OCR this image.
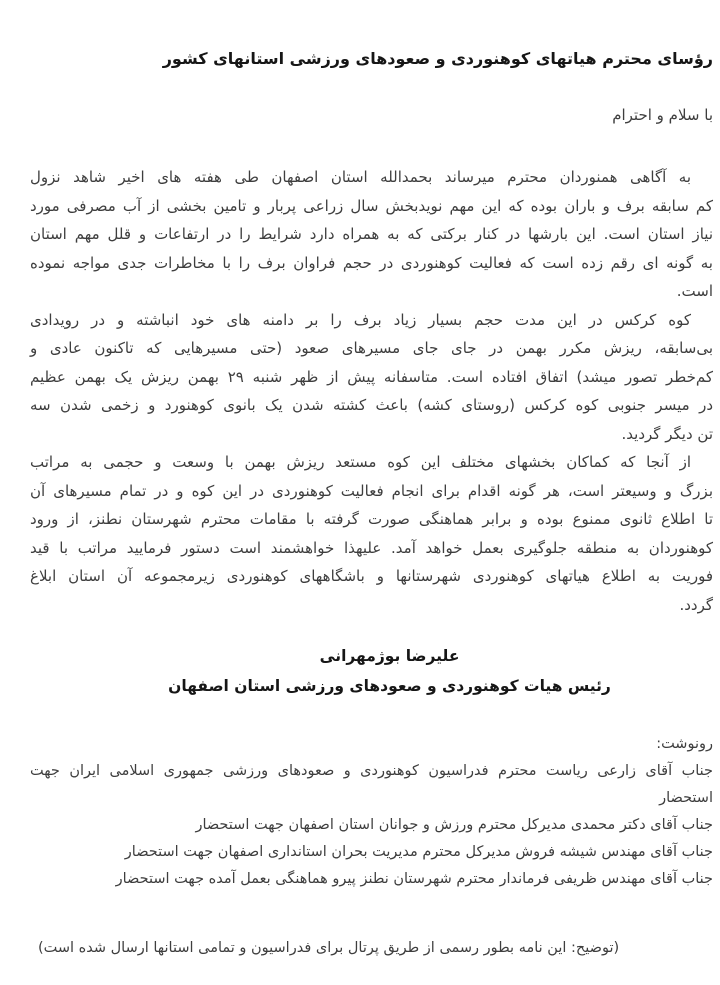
رؤسای محترم هیاتهای کوهنوردی و صعودهای ورزشی استانهای کشور
با سلام و احترام
به آگاهی همنوردان محترم میرساند بحمدالله استان اصفهان طی هفته های اخیر شاهد نزول
کم سابقه برف و باران بوده که این مهم نویدبخش سال زراعی پربار و تامین بخشی از آب مصرفی مورد
نیاز استان است. این بارشها در کنار برکتی که به همراه دارد شرایط را در ارتفاعات و قلل مهم استان
به گونه ای رقم زده است که فعالیت کوهنوردی در حجم فراوان برف را با مخاطرات جدی مواجه نموده
است.
کوه کرکس در این مدت حجم بسیار زیاد برف را بر دامنه های خود انباشته و در رویدادی
بی‌سابقه، ریزش مکرر بهمن در جای جای مسیرهای صعود (حتی مسیرهایی که تاکنون عادی و
کم‌خطر تصور میشد) اتفاق افتاده است. متاسفانه پیش از ظهر شنبه ۲۹ بهمن ریزش یک بهمن عظیم
در میسر جنوبی کوه کرکس (روستای کشه) باعث کشته شدن یک بانوی کوهنورد و زخمی شدن سه
تن دیگر گردید.
از آنجا که کماکان بخشهای مختلف این کوه مستعد ریزش بهمن با وسعت و حجمی به مراتب
بزرگ و وسیعتر است، هر گونه اقدام برای انجام فعالیت کوهنوردی در این کوه و در تمام مسیرهای آن
تا اطلاع ثانوی ممنوع بوده و برابر هماهنگی صورت گرفته با مقامات محترم شهرستان نطنز، از ورود
کوهنوردان به منطقه جلوگیری بعمل خواهد آمد. علیهذا خواهشمند است دستور فرمایید مراتب با قید
فوریت به اطلاع هیاتهای کوهنوردی شهرستانها و باشگاههای کوهنوردی زیرمجموعه آن استان ابلاغ
گردد.
علیرضا بوژمهرانی
رئیس هیات کوهنوردی و صعودهای ورزشی استان اصفهان
رونوشت:
جناب آقای زارعی ریاست محترم فدراسیون کوهنوردی و صعودهای ورزشی جمهوری اسلامی ایران جهت
استحضار
جناب آقای دکتر محمدی مدیرکل محترم ورزش و جوانان استان اصفهان جهت استحضار
جناب آقای مهندس شیشه فروش مدیرکل محترم مدیریت بحران استانداری اصفهان جهت استحضار
جناب آقای مهندس ظریفی فرماندار محترم شهرستان نطنز پیرو هماهنگی بعمل آمده جهت استحضار
(توضیح: این نامه بطور رسمی از طریق پرتال برای فدراسیون و تمامی استانها ارسال شده است)
